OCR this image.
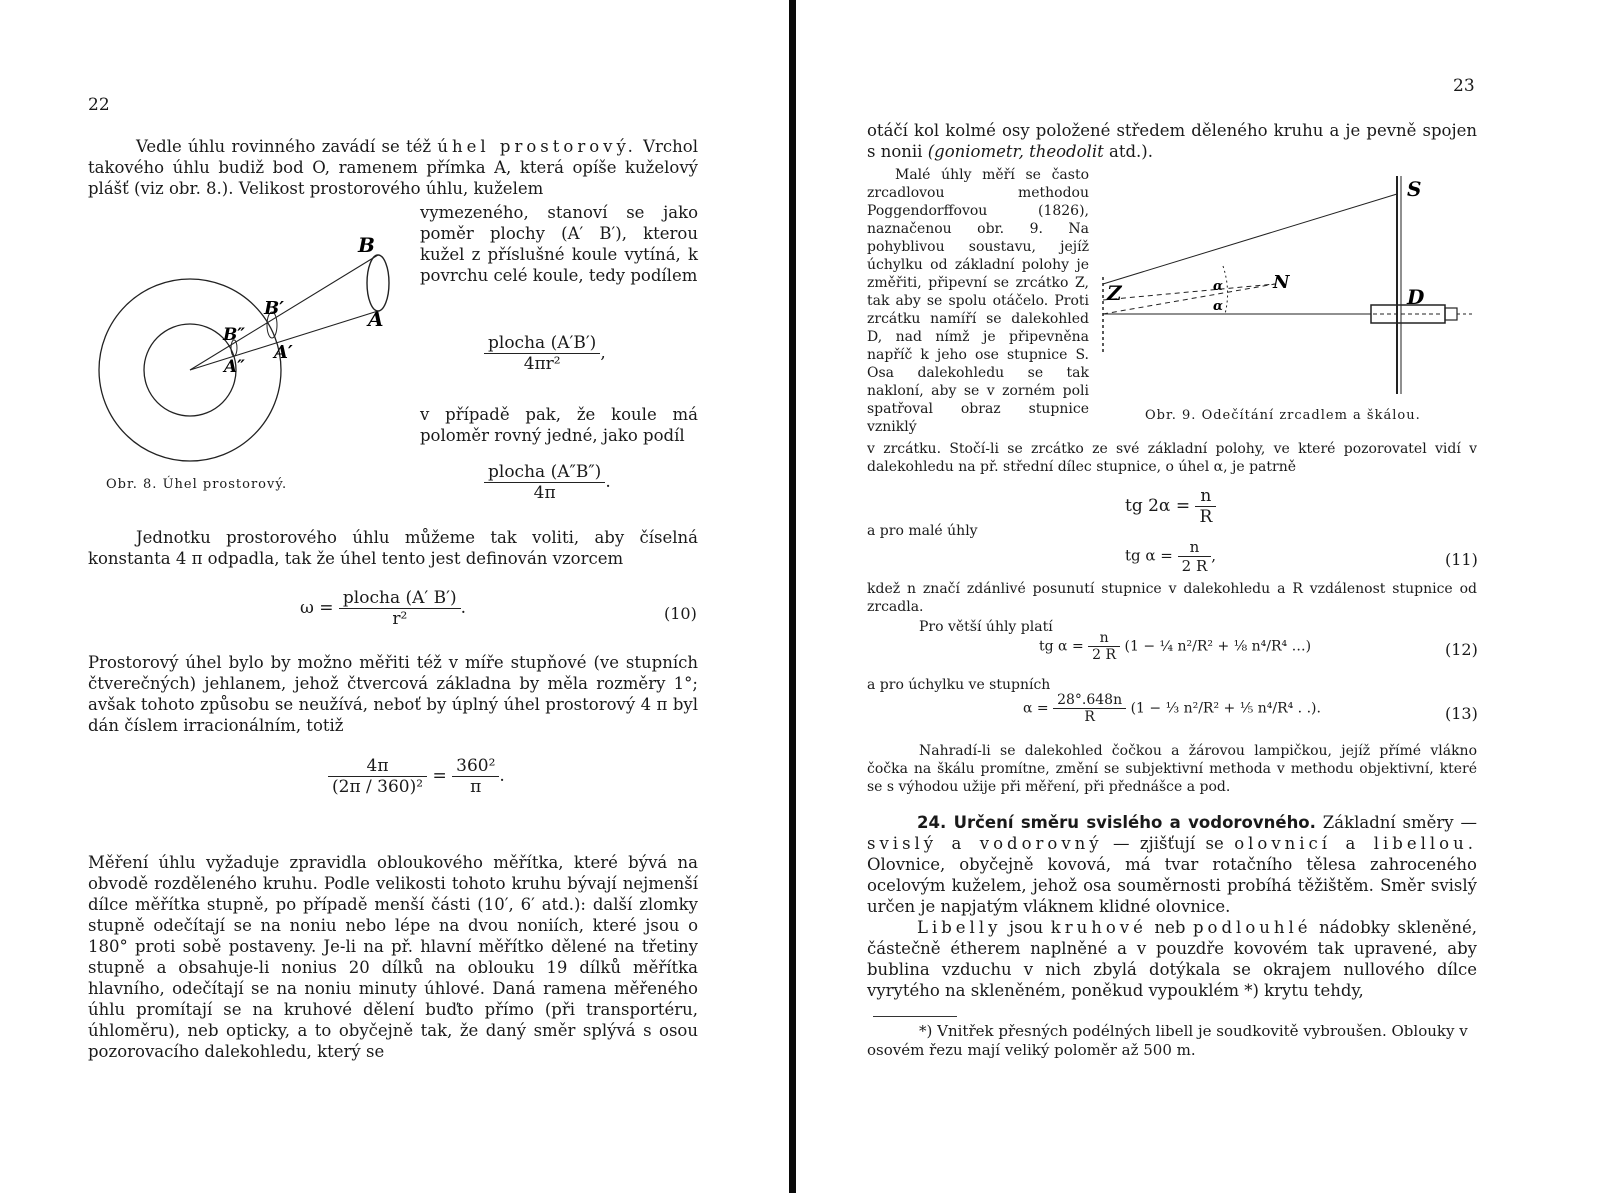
22

Vedle úhlu rovinného zavádí se též úhel prostorový. Vrchol takového úhlu budiž bod O, ramenem přímka A, která opíše kuželový plášť (viz obr. 8.). Velikost prostorového úhlu, kuželem

vymezeného, stanoví se jako poměr plochy (A′ B′), kterou kužel z příslušné koule vytíná, k povrchu celé koule, tedy podílem
$\frac{\text{plocha (A′B′)}}{\text{4πr²}}$ ,
v případě pak, že koule má poloměr rovný jedné, jako podíl
$\frac{\text{plocha (A″B″)}}{4\pi}$ .
B
B′
B″
A
A′
A″
Obr. 8. Úhel prostorový.

Jednotku prostorového úhlu můžeme tak voliti, aby číselná konstanta 4 π odpadla, tak že úhel tento jest definován vzorcem

$\omega = \frac{\text{plocha (A′ B′)}}{\text{r²}}$ .	(10)
Prostorový úhel bylo by možno měřiti též v míře stupňové (ve stupních čtverečných) jehlanem, jehož čtvercová základna by měla rozměry 1°; avšak tohoto způsobu se neužívá, neboť by úplný úhel prostorový 4 π byl dán číslem irracionálním, totiž
$\frac{4\pi}{\text{(2π / 360)²}} = \frac{\text{360²}}{\pi}$ .
Měření úhlu vyžaduje zpravidla obloukového měřítka, které bývá na obvodě rozděleného kruhu. Podle velikosti tohoto kruhu bývají nejmenší dílce měřítka stupně, po případě menší části (10′, 6′ atd.): další zlomky stupně odečítají se na noniu nebo lépe na dvou noniích, které jsou o 180° proti sobě postaveny. Je-li na př. hlavní měřítko dělené na třetiny stupně a obsahuje-li nonius 20 dílků na oblouku 19 dílků měřítka hlavního, odečítají se na noniu minuty úhlové. Daná ramena měřeného úhlu promítají se na kruhové dělení buďto přímo (při transportéru, úhloměru), neb opticky, a to obyčejně tak, že daný směr splývá s osou pozorovacího dalekohledu, který se
23

otáčí kol kolmé osy položené středem děleného kruhu a je pevně spojen s nonii (goniometr, theodolit atd.).

Malé úhly měří se často zrcadlovou methodou Poggendorffovou (1826), naznačenou obr. 9. Na pohyblivou soustavu, jejíž úchylku od základní polohy je změřiti, připevní se zrcátko Z, tak aby se spolu otáčelo. Proti zrcátku namíří se dalekohled D, nad nímž je připevněna napříč k jeho ose stupnice S. Osa dalekohledu se tak nakloní, aby se v zorném poli spatřoval obraz stupnice vzniklý

S
Z	N
D
α
α
Obr. 9. Odečítání zrcadlem a škálou.
v zrcátku. Stočí-li se zrcátko ze své základní polohy, ve které pozorovatel vidí v dalekohledu na př. střední dílec stupnice, o úhel α, je patrně
tg $2\alpha = \frac{n}{R}$
a pro malé úhly
tg $\alpha = \frac{n}{2 R}$ ,	(11)
kdež n značí zdánlivé posunutí stupnice v dalekohledu a R vzdálenost stupnice od zrcadla.

Pro větší úhly platí

tg $\alpha = \frac{n}{2 R} (1$ − ¼ n²/R² + ⅛ n⁴/R⁴ …)	(12)
a pro úchylku ve stupních
$\alpha = \frac{28^\circ.648n}{R} (1$ − ⅓ n²/R² + ⅕ n⁴/R⁴ . .).	(13)

Nahradí-li se dalekohled čočkou a žárovou lampičkou, jejíž přímé vlákno čočka na škálu promítne, změní se subjektivní methoda v methodu objektivní, které se s výhodou užije při měření, při přednášce a pod.

24. Určení směru svislého a vodorovného. Základní směry — svislý a vodorovný — zjišťují se olovnicí a libellou. Olovnice, obyčejně kovová, má tvar rotačního tělesa zahroceného ocelovým kuželem, jehož osa souměrnosti probíhá těžištěm. Směr svislý určen je napjatým vláknem klidné olovnice.

Libelly jsou kruhové neb podlouhlé nádobky skleněné, částečně étherem naplněné a v pouzdře kovovém tak upravené, aby bublina vzduchu v nich zbylá dotýkala se okrajem nullového dílce vyrytého na skleněném, poněkud vypouklém *) krytu tehdy,

*) Vnitřek přesných podélných libell je soudkovitě vybroušen. Oblouky v osovém řezu mají veliký poloměr až 500 m.
